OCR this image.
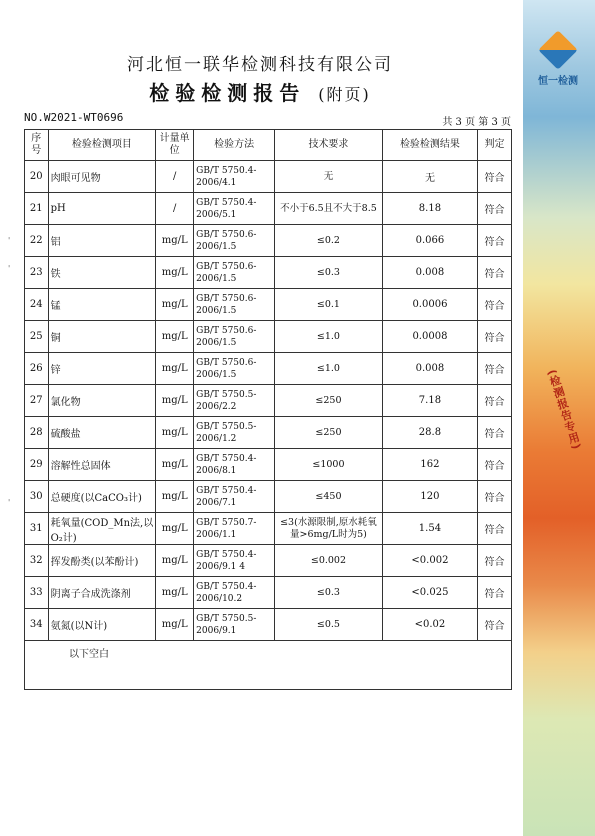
恒一检测
(检测报告专用)
河北恒一联华检测科技有限公司
检验检测报告 (附页)
NO.W2021-WT0696	共 3 页 第 3 页
'
'
'
序号	检验检测项目	计量单位	检验方法	技术要求	检验检测结果	判定
20	肉眼可见物	/	GB/T 5750.4-2006/4.1	无	无	符合
21	pH	/	GB/T 5750.4-2006/5.1	不小于6.5且不大于8.5	8.18	符合
22	铝	mg/L	GB/T 5750.6-2006/1.5	≤0.2	0.066	符合
23	铁	mg/L	GB/T 5750.6-2006/1.5	≤0.3	0.008	符合
24	锰	mg/L	GB/T 5750.6-2006/1.5	≤0.1	0.0006	符合
25	铜	mg/L	GB/T 5750.6-2006/1.5	≤1.0	0.0008	符合
26	锌	mg/L	GB/T 5750.6-2006/1.5	≤1.0	0.008	符合
27	氯化物	mg/L	GB/T 5750.5-2006/2.2	≤250	7.18	符合
28	硫酸盐	mg/L	GB/T 5750.5-2006/1.2	≤250	28.8	符合
29	溶解性总固体	mg/L	GB/T 5750.4-2006/8.1	≤1000	162	符合
30	总硬度(以CaCO₃计)	mg/L	GB/T 5750.4-2006/7.1	≤450	120	符合
31	耗氧量(COD_Mn法,以O₂计)	mg/L	GB/T 5750.7-2006/1.1	≤3(水源限制,原水耗氧量>6mg/L时为5)	1.54	符合
32	挥发酚类(以苯酚计)	mg/L	GB/T 5750.4-2006/9.1 4	≤0.002	<0.002	符合
33	阴离子合成洗涤剂	mg/L	GB/T 5750.4-2006/10.2	≤0.3	<0.025	符合
34	氨氮(以N计)	mg/L	GB/T 5750.5-2006/9.1	≤0.5	<0.02	符合
以下空白						
